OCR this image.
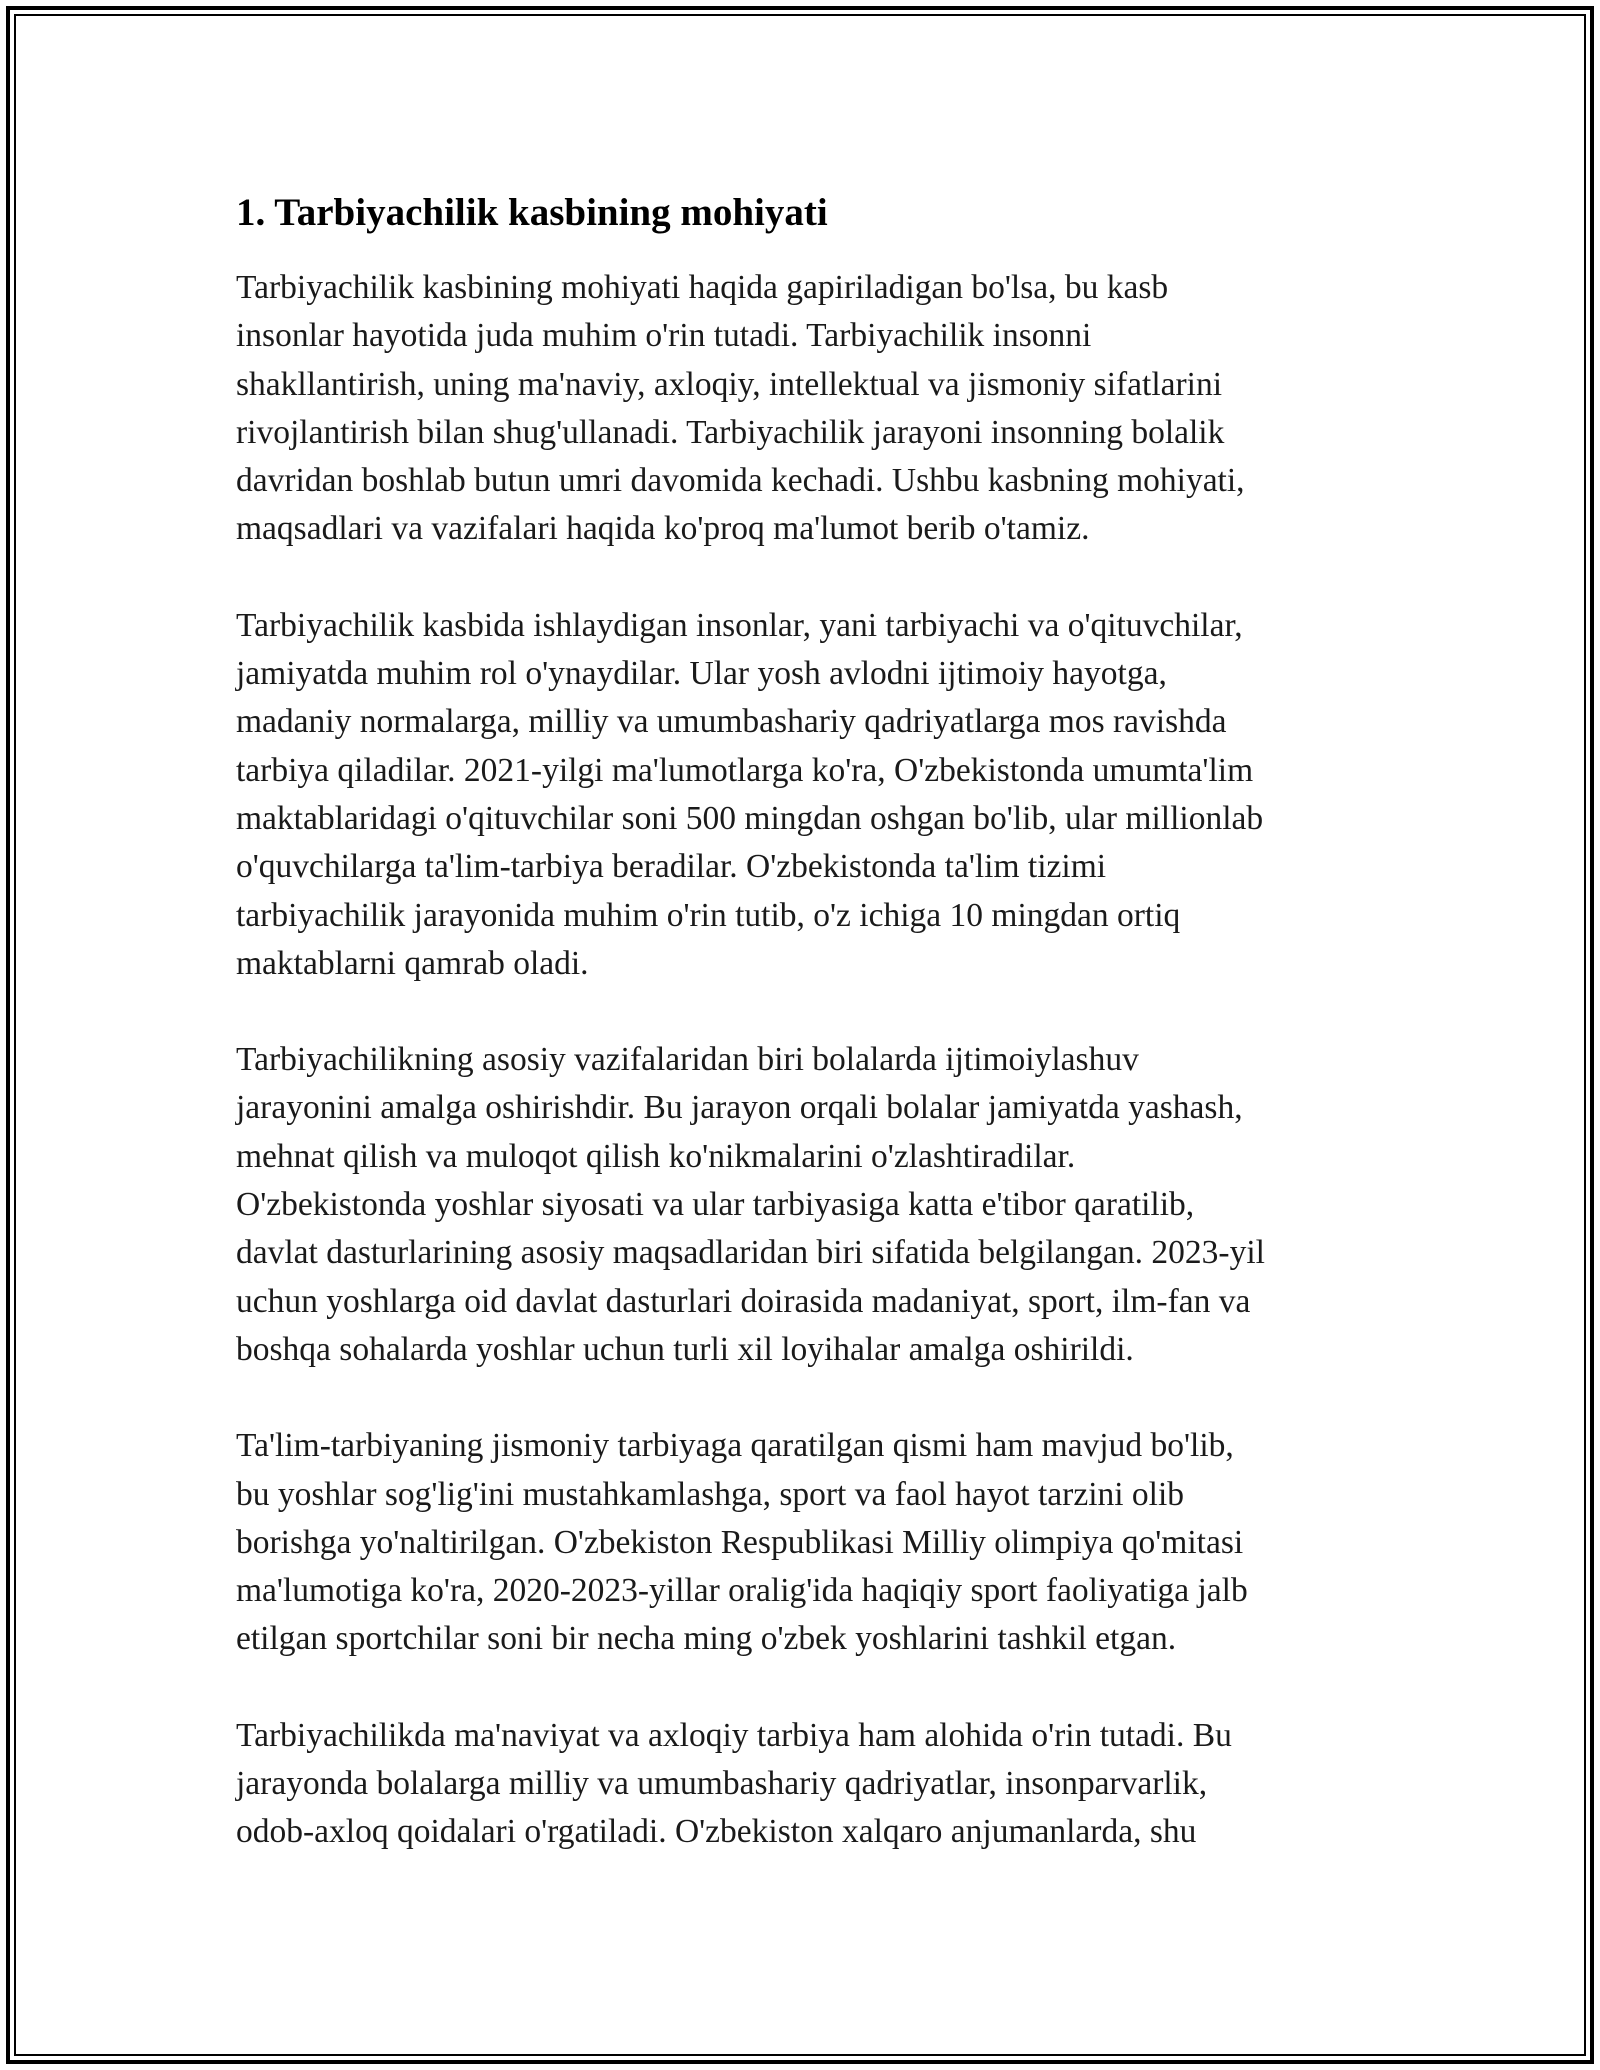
1. Tarbiyachilik kasbining mohiyati

Tarbiyachilik kasbining mohiyati haqida gapiriladigan bo'lsa, bu kasb
insonlar hayotida juda muhim o'rin tutadi. Tarbiyachilik insonni
shakllantirish, uning ma'naviy, axloqiy, intellektual va jismoniy sifatlarini
rivojlantirish bilan shug'ullanadi. Tarbiyachilik jarayoni insonning bolalik
davridan boshlab butun umri davomida kechadi. Ushbu kasbning mohiyati,
maqsadlari va vazifalari haqida ko'proq ma'lumot berib o'tamiz.

Tarbiyachilik kasbida ishlaydigan insonlar, yani tarbiyachi va o'qituvchilar,
jamiyatda muhim rol o'ynaydilar. Ular yosh avlodni ijtimoiy hayotga,
madaniy normalarga, milliy va umumbashariy qadriyatlarga mos ravishda
tarbiya qiladilar. 2021-yilgi ma'lumotlarga ko'ra, O'zbekistonda umumta'lim
maktablaridagi o'qituvchilar soni 500 mingdan oshgan bo'lib, ular millionlab
o'quvchilarga ta'lim-tarbiya beradilar. O'zbekistonda ta'lim tizimi
tarbiyachilik jarayonida muhim o'rin tutib, o'z ichiga 10 mingdan ortiq
maktablarni qamrab oladi.

Tarbiyachilikning asosiy vazifalaridan biri bolalarda ijtimoiylashuv
jarayonini amalga oshirishdir. Bu jarayon orqali bolalar jamiyatda yashash,
mehnat qilish va muloqot qilish ko'nikmalarini o'zlashtiradilar.
O'zbekistonda yoshlar siyosati va ular tarbiyasiga katta e'tibor qaratilib,
davlat dasturlarining asosiy maqsadlaridan biri sifatida belgilangan. 2023-yil
uchun yoshlarga oid davlat dasturlari doirasida madaniyat, sport, ilm-fan va
boshqa sohalarda yoshlar uchun turli xil loyihalar amalga oshirildi.

Ta'lim-tarbiyaning jismoniy tarbiyaga qaratilgan qismi ham mavjud bo'lib,
bu yoshlar sog'lig'ini mustahkamlashga, sport va faol hayot tarzini olib
borishga yo'naltirilgan. O'zbekiston Respublikasi Milliy olimpiya qo'mitasi
ma'lumotiga ko'ra, 2020-2023-yillar oralig'ida haqiqiy sport faoliyatiga jalb
etilgan sportchilar soni bir necha ming o'zbek yoshlarini tashkil etgan.

Tarbiyachilikda ma'naviyat va axloqiy tarbiya ham alohida o'rin tutadi. Bu
jarayonda bolalarga milliy va umumbashariy qadriyatlar, insonparvarlik,
odob-axloq qoidalari o'rgatiladi. O'zbekiston xalqaro anjumanlarda, shu
